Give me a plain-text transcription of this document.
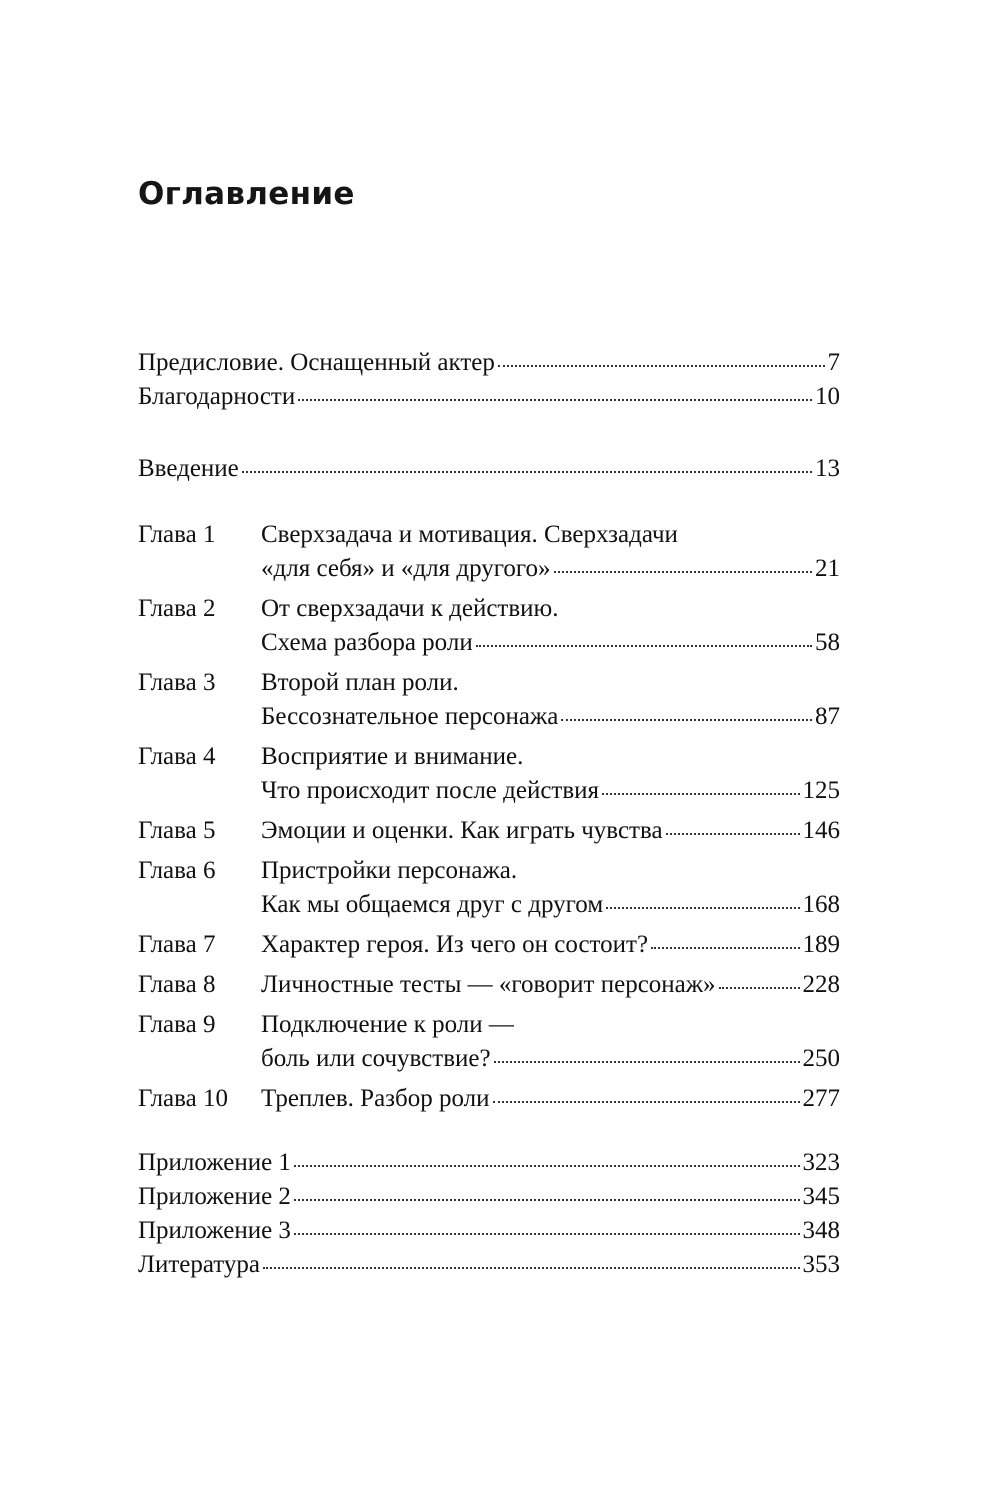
Оглавление
Предисловие. Оснащенный актер	7
Благодарности	10
Введение	13
Глава 1	Сверхзадача и мотивация. Сверхзадачи
«для себя» и «для другого»	21
Глава 2	От сверхзадачи к действию.
Схема разбора роли	58
Глава 3	Второй план роли.
Бессознательное персонажа	87
Глава 4	Восприятие и внимание.
Что происходит после действия	125
Глава 5	Эмоции и оценки. Как играть чувства	146
Глава 6	Пристройки персонажа.
Как мы общаемся друг с другом	168
Глава 7	Характер героя. Из чего он состоит?	189
Глава 8	Личностные тесты — «говорит персонаж»	228
Глава 9	Подключение к роли —
боль или сочувствие?	250
Глава 10	Треплев. Разбор роли	277
Приложение 1	323
Приложение 2	345
Приложение 3	348
Литература	353
